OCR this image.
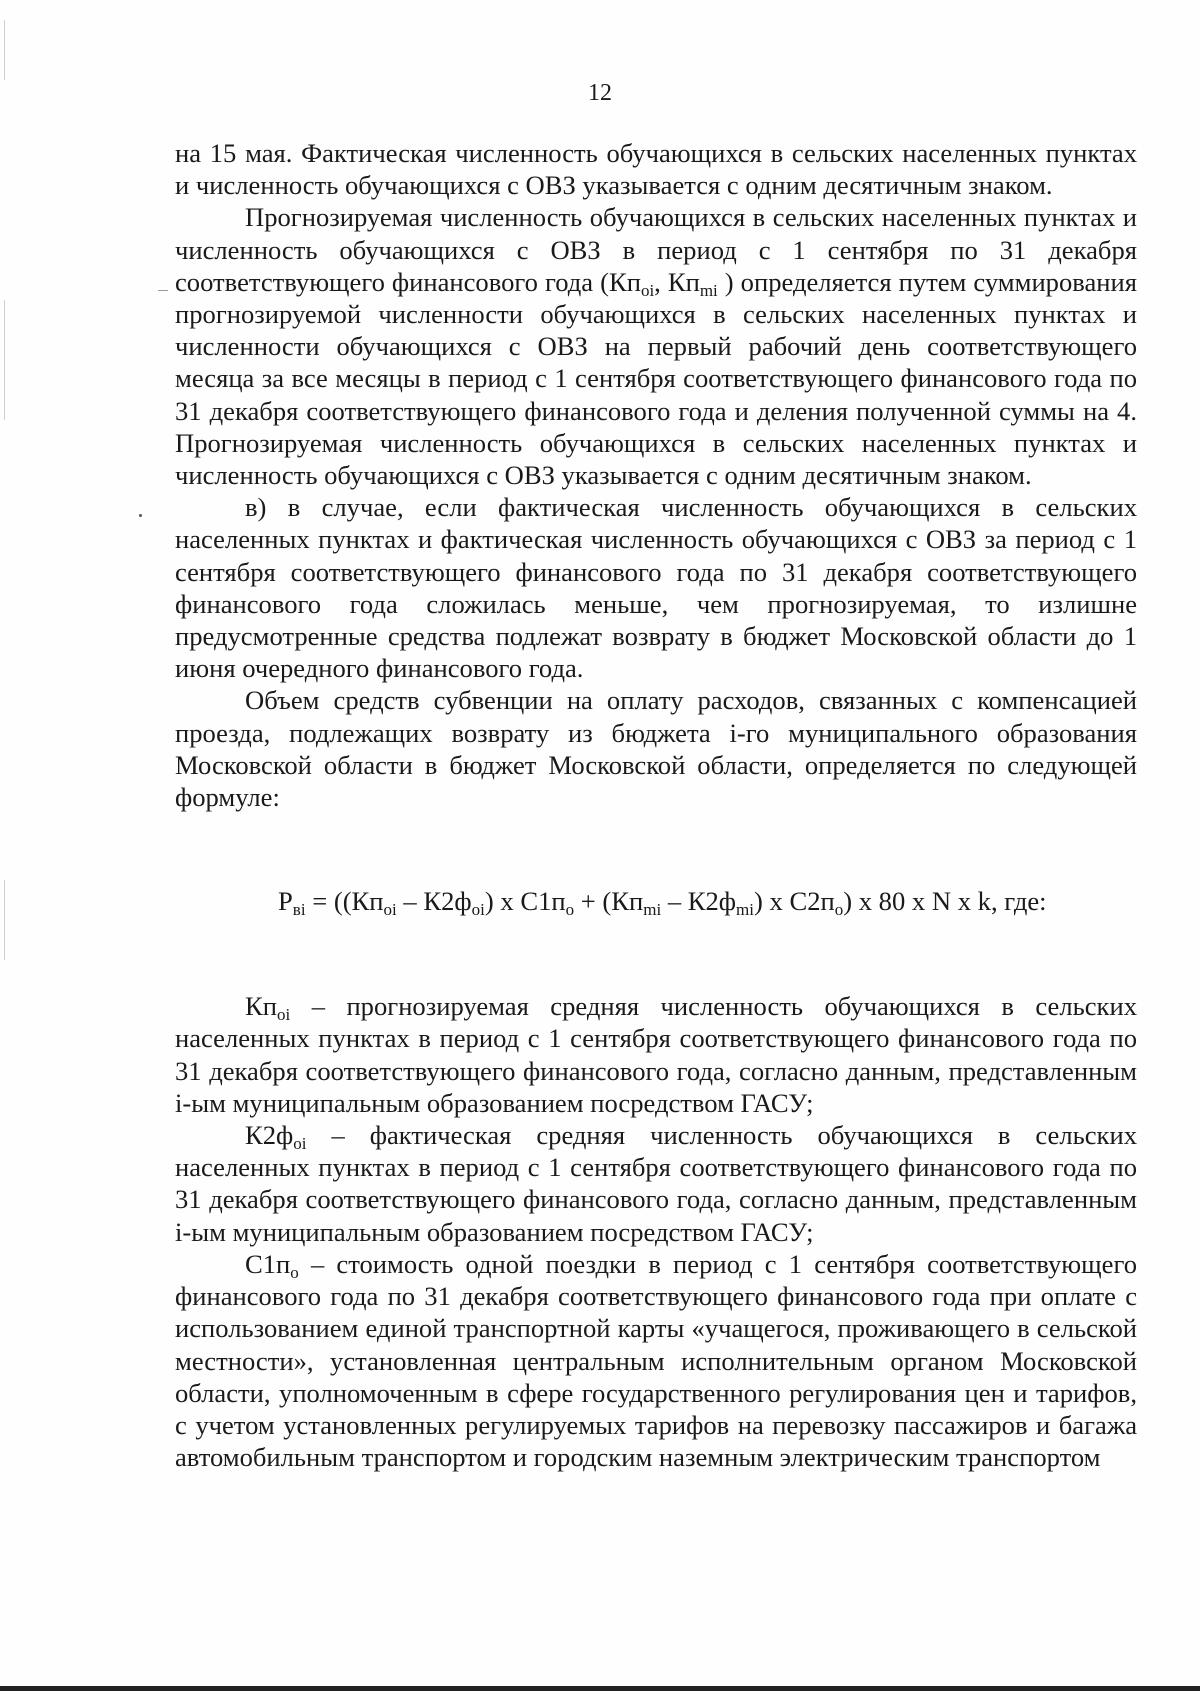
12

на 15 мая. Фактическая численность обучающихся в сельских населенных пунктах и численность обучающихся с ОВЗ указывается с одним десятичным знаком.

Прогнозируемая численность обучающихся в сельских населенных пунктах и численность обучающихся с ОВЗ в период с 1 сентября по 31 декабря соответствующего финансового года ($Кп_{oi}$, $Кп_{mi}$ ) определяется путем суммирования прогнозируемой численности обучающихся в сельских населенных пунктах и численности обучающихся с ОВЗ на первый рабочий день соответствующего месяца за все месяцы в период с 1 сентября соответствующего финансового года по 31 декабря соответствующего финансового года и деления полученной суммы на 4. Прогнозируемая численность обучающихся в сельских населенных пунктах и численность обучающихся с ОВЗ указывается с одним десятичным знаком.

в) в случае, если фактическая численность обучающихся в сельских населенных пунктах и фактическая численность обучающихся с ОВЗ за период с 1 сентября соответствующего финансового года по 31 декабря соответствующего финансового года сложилась меньше, чем прогнозируемая, то излишне предусмотренные средства подлежат возврату в бюджет Московской области до 1 июня очередного финансового года.

Объем средств субвенции на оплату расходов, связанных с компенсацией проезда, подлежащих возврату из бюджета i-го муниципального образования Московской области в бюджет Московской области, определяется по следующей формуле:

$P_{вi} = ((Кп_{oi} - К2ф_{oi})$ х $С1п_o + (Кп_{mi} - К2ф_{mi})$ х $С2п_o$) х 80 х N х k, где:

$Кп_{oi}$ – прогнозируемая средняя численность обучающихся в сельских населенных пунктах в период с 1 сентября соответствующего финансового года по 31 декабря соответствующего финансового года, согласно данным, представленным i-ым муниципальным образованием посредством ГАСУ;

$К2ф_{oi}$ – фактическая средняя численность обучающихся в сельских населенных пунктах в период с 1 сентября соответствующего финансового года по 31 декабря соответствующего финансового года, согласно данным, представленным i-ым муниципальным образованием посредством ГАСУ;

$С1п_o$ – стоимость одной поездки в период с 1 сентября соответствующего финансового года по 31 декабря соответствующего финансового года при оплате с использованием единой транспортной карты «учащегося, проживающего в сельской местности», установленная центральным исполнительным органом Московской области, уполномоченным в сфере государственного регулирования цен и тарифов, с учетом установленных регулируемых тарифов на перевозку пассажиров и багажа автомобильным транспортом и городским наземным электрическим транспортом
